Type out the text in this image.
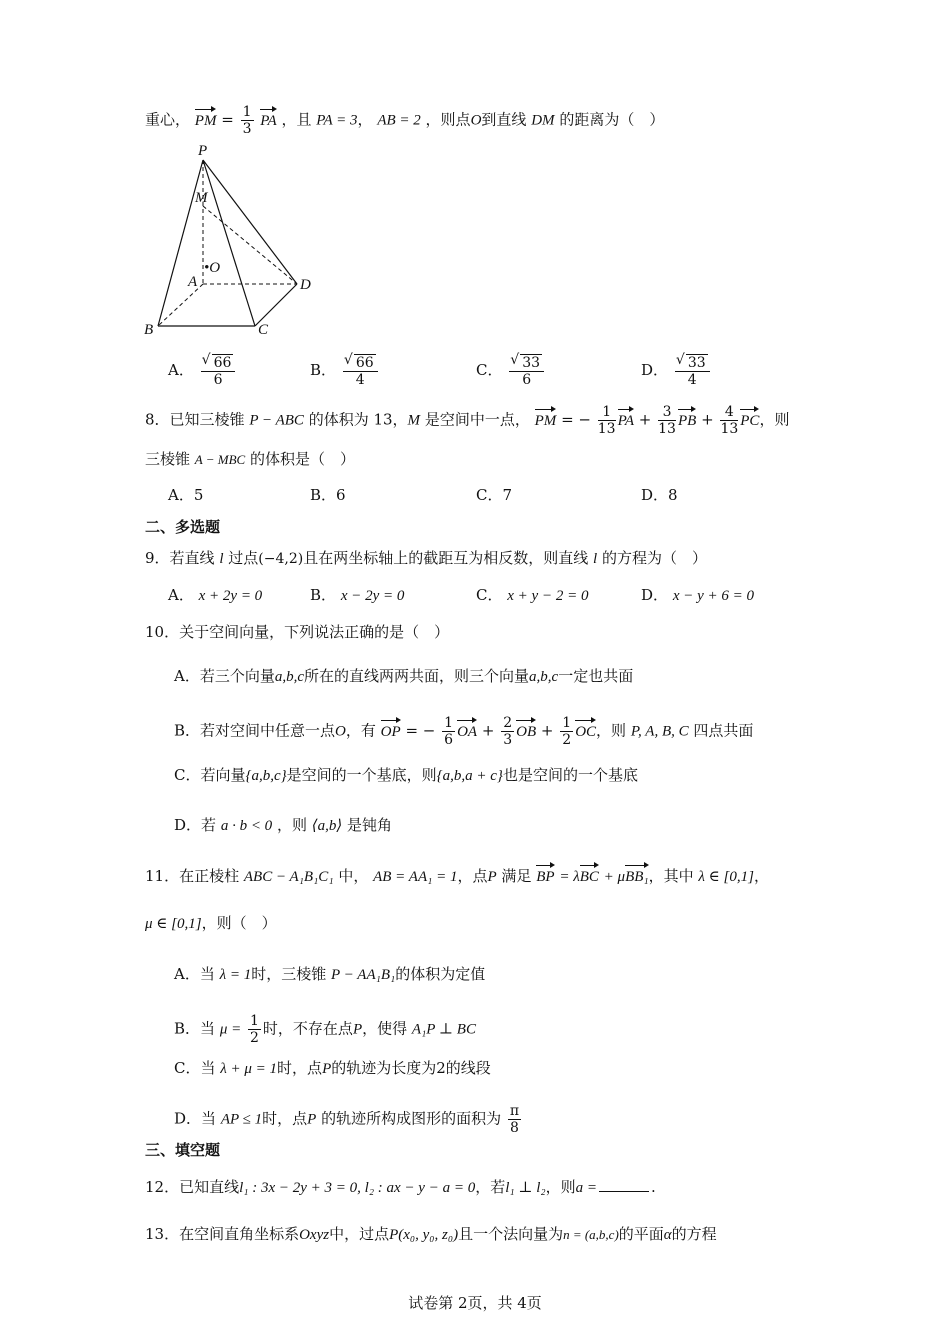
重心， PM = $\frac{1}{3}$ PA ，且 PA = 3， AB = 2 ，则点O到直线 DM 的距离为（　）
P
M
•O
A	D
B	C
A． √ $\frac{66}{6}$	B． √ $\frac{66}{4}$	C． √ $\frac{33}{6}$	D． √ $\frac{33}{4}$
8．已知三棱锥 P − ABC 的体积为 13，M 是空间中一点， PM = − $\frac{1}{13}$ PA + $\frac{3}{13}$ PB + $\frac{4}{13}$ PC，则
三棱锥 A − MBC 的体积是（　）
A．5	B．6	C．7	D．8
二、多选题
9．若直线 l 过点(−4,2)且在两坐标轴上的截距互为相反数，则直线 l 的方程为（　）
A． x + 2y = 0	B． x − 2y = 0	C． x + y − 2 = 0	D． x − y + 6 = 0
10．关于空间向量，下列说法正确的是（　）
A．若三个向量a,b,c所在的直线两两共面，则三个向量a,b,c一定也共面
B．若对空间中任意一点O，有 OP = − $\frac{1}{6}$ OA + $\frac{2}{3}$ OB + $\frac{1}{2}$ OC，则 P, A, B, C 四点共面
C．若向量{a,b,c}是空间的一个基底，则{a,b,a + c}也是空间的一个基底
D．若 a · b < 0 ，则 ⟨a,b⟩ 是钝角
11．在正棱柱 ABC − A₁B₁C₁ 中， AB = AA₁ = 1，点P 满足 BP = λBC + μBB₁，其中 λ ∈ [0,1]，
μ ∈ [0,1]，则（　）
A．当 λ = 1时，三棱锥 P − AA₁B₁的体积为定值
B．当 $\mu = \frac{1}{2}$ 时，不存在点P，使得 A₁P ⊥ BC
C．当 λ + μ = 1时，点P的轨迹为长度为2的线段
D．当 AP ≤ 1时，点P 的轨迹所构成图形的面积为 $\frac{\pi}{8}$
三、填空题
12．已知直线l₁ : 3x − 2y + 3 = 0, l₂ : ax − y − a = 0，若l₁ ⊥ l₂，则a =	.
13．在空间直角坐标系Oxyz中，过点P(x₀, y₀, z₀)且一个法向量为n = (a,b,c)的平面α的方程
试卷第 2页，共 4页
